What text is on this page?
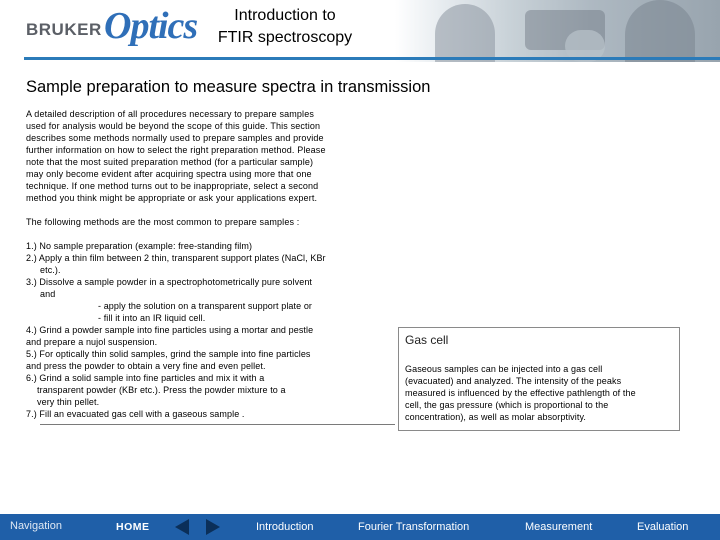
BRUKER Optics	Introduction to
FTIR spectroscopy
Sample preparation to measure spectra in transmission
A detailed description of all procedures necessary to prepare samples
used for analysis would be beyond the scope of this guide. This section
describes some methods normally used to prepare samples and provide
further information on how to select the right preparation method. Please
note that the most suited preparation method (for a particular sample)
may only become evident after acquiring spectra using more that one
technique. If one method turns out to be inappropriate, select a second
method you think might be appropriate or ask your applications expert.
The following methods are the most common to prepare samples :
1.) No sample preparation (example: free-standing film)
2.) Apply a thin film between 2 thin, transparent support plates (NaCl, KBr
etc.).
3.) Dissolve a sample powder in a spectrophotometrically pure solvent
and
- apply the solution on a transparent support plate or
- fill it into an IR liquid cell.
4.) Grind a powder sample into fine particles using a mortar and pestle
and prepare a nujol suspension.
5.) For optically thin solid samples, grind the sample into fine particles
and press the powder to obtain a very fine and even pellet.
6.) Grind a solid sample into fine particles and mix it with a
transparent powder (KBr etc.). Press the powder mixture to a
very thin pellet.
7.) Fill an evacuated gas cell with a gaseous sample .
Gas cell
Gaseous samples can be injected into a gas cell
(evacuated) and analyzed. The intensity of the peaks
measured is influenced by the effective pathlength of the
cell, the gas pressure (which is proportional to the
concentration), as well as molar absorptivity.
Navigation	HOME	Introduction	Fourier Transformation	Measurement	Evaluation
